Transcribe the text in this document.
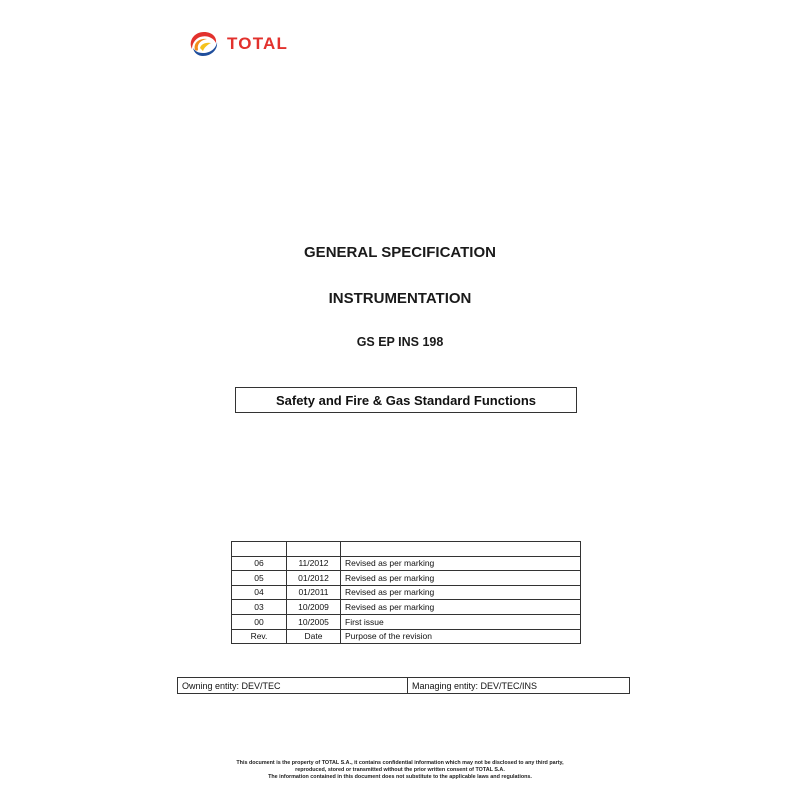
TOTAL
GENERAL SPECIFICATION
INSTRUMENTATION
GS EP INS 198
Safety and Fire & Gas Standard Functions

06	11/2012	Revised as per marking
05	01/2012	Revised as per marking
04	01/2011	Revised as per marking
03	10/2009	Revised as per marking
00	10/2005	First issue
Rev.	Date	Purpose of the revision
Owning entity: DEV/TEC	Managing entity: DEV/TEC/INS
This document is the property of TOTAL S.A., it contains confidential information which may not be disclosed to any third party,
reproduced, stored or transmitted without the prior written consent of TOTAL S.A.
The information contained in this document does not substitute to the applicable laws and regulations.
